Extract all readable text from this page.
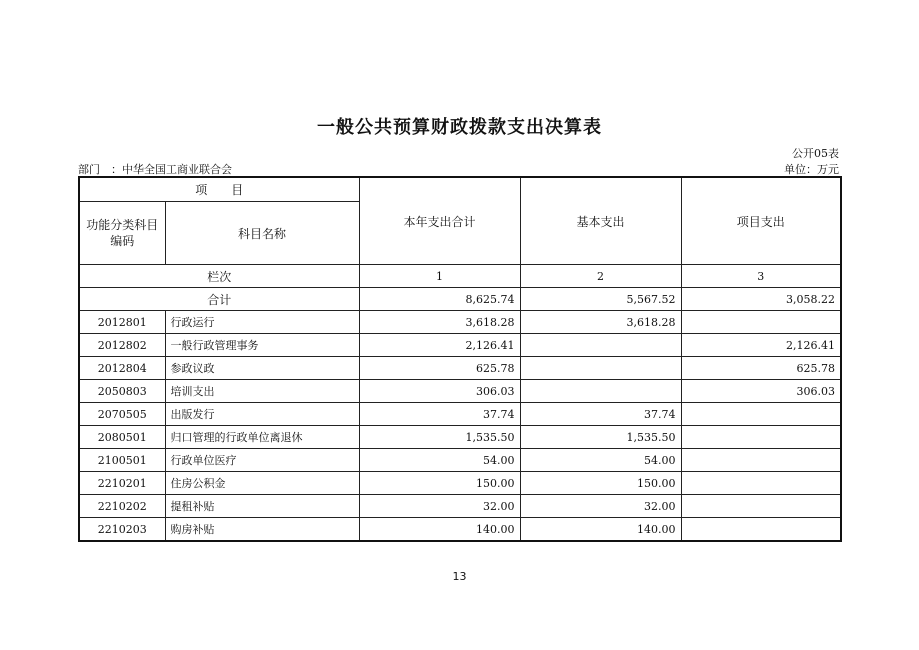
一般公共预算财政拨款支出决算表
公开05表
部门　：中华全国工商业联合会	单位：万元
项　　目		本年支出合计	基本支出	项目支出
功能分类科目编码	科目名称			
栏次		1	2	3
合计		8,625.74	5,567.52	3,058.22
2012801	行政运行	3,618.28	3,618.28	
2012802	一般行政管理事务	2,126.41		2,126.41
2012804	参政议政	625.78		625.78
2050803	培训支出	306.03		306.03
2070505	出版发行	37.74	37.74	
2080501	归口管理的行政单位离退休	1,535.50	1,535.50	
2100501	行政单位医疗	54.00	54.00	
2210201	住房公积金	150.00	150.00	
2210202	提租补贴	32.00	32.00	
2210203	购房补贴	140.00	140.00	
13
